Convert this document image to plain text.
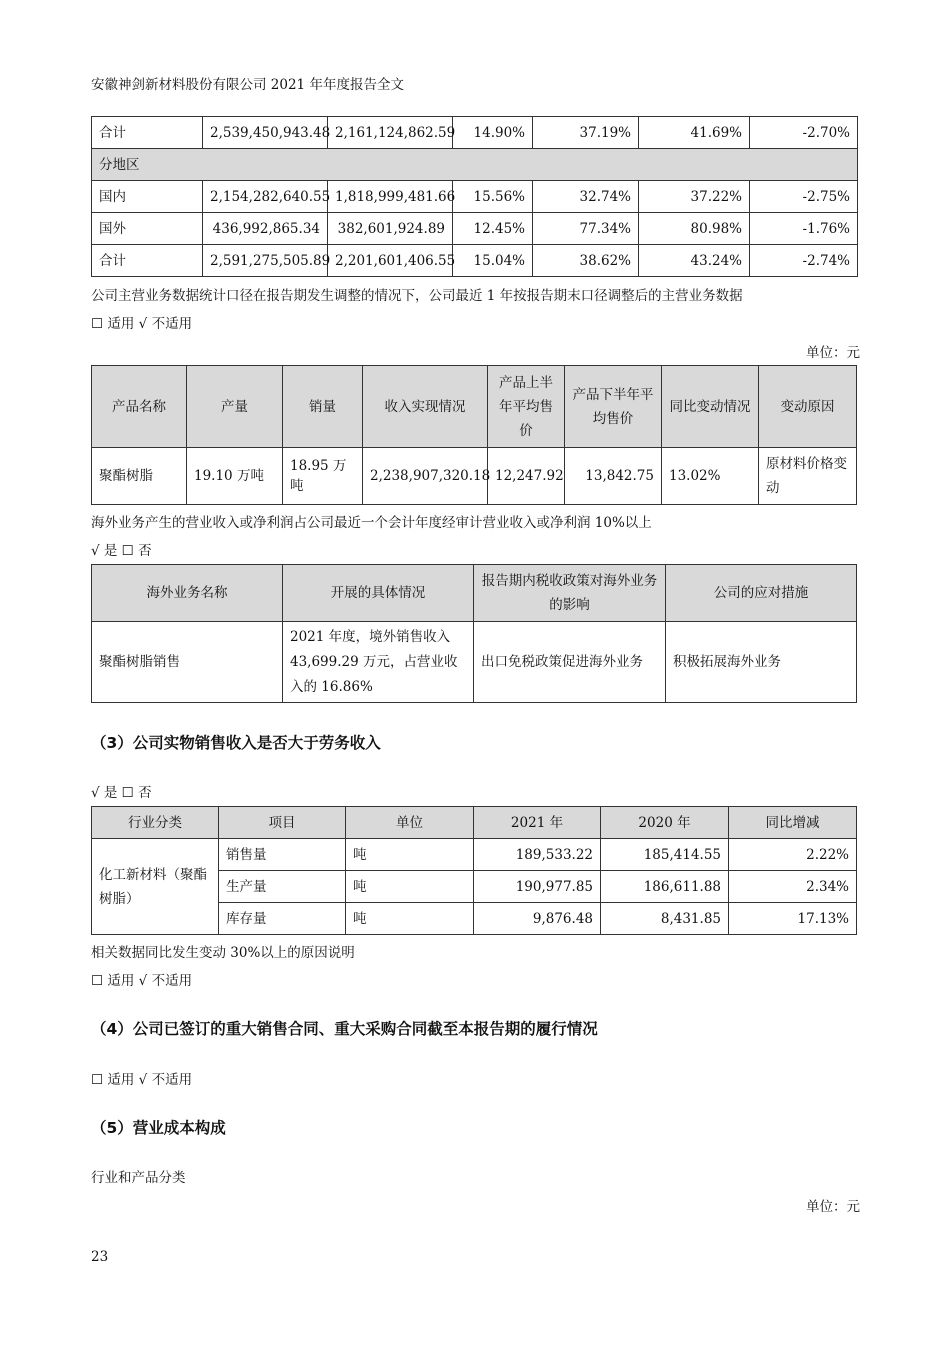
安徽神剑新材料股份有限公司 2021 年年度报告全文
合计	2,539,450,943.48	2,161,124,862.59	14.90%	37.19%	41.69%	-2.70%
分地区						
国内	2,154,282,640.55	1,818,999,481.66	15.56%	32.74%	37.22%	-2.75%
国外	436,992,865.34	382,601,924.89	12.45%	77.34%	80.98%	-1.76%
合计	2,591,275,505.89	2,201,601,406.55	15.04%	38.62%	43.24%	-2.74%
公司主营业务数据统计口径在报告期发生调整的情况下，公司最近 1 年按报告期末口径调整后的主营业务数据
☐ 适用 √ 不适用
单位：元
产品名称	产量	销量	收入实现情况	产品上半年平均售价	产品下半年平均售价	同比变动情况	变动原因
聚酯树脂	19.10 万吨	18.95 万吨	2,238,907,320.18	12,247.92	13,842.75	13.02%	原材料价格变动
海外业务产生的营业收入或净利润占公司最近一个会计年度经审计营业收入或净利润 10%以上
√ 是 ☐ 否
海外业务名称	开展的具体情况	报告期内税收政策对海外业务的影响	公司的应对措施
聚酯树脂销售	2021 年度，境外销售收入 43,699.29 万元，占营业收入的 16.86%	出口免税政策促进海外业务	积极拓展海外业务
（3）公司实物销售收入是否大于劳务收入
√ 是 ☐ 否
行业分类	项目	单位	2021 年	2020 年	同比增减
化工新材料（聚酯树脂）	销售量	吨	189,533.22	185,414.55	2.22%
	生产量	吨	190,977.85	186,611.88	2.34%
	库存量	吨	9,876.48	8,431.85	17.13%
相关数据同比发生变动 30%以上的原因说明
☐ 适用 √ 不适用
（4）公司已签订的重大销售合同、重大采购合同截至本报告期的履行情况
☐ 适用 √ 不适用
（5）营业成本构成
行业和产品分类
单位：元
23
